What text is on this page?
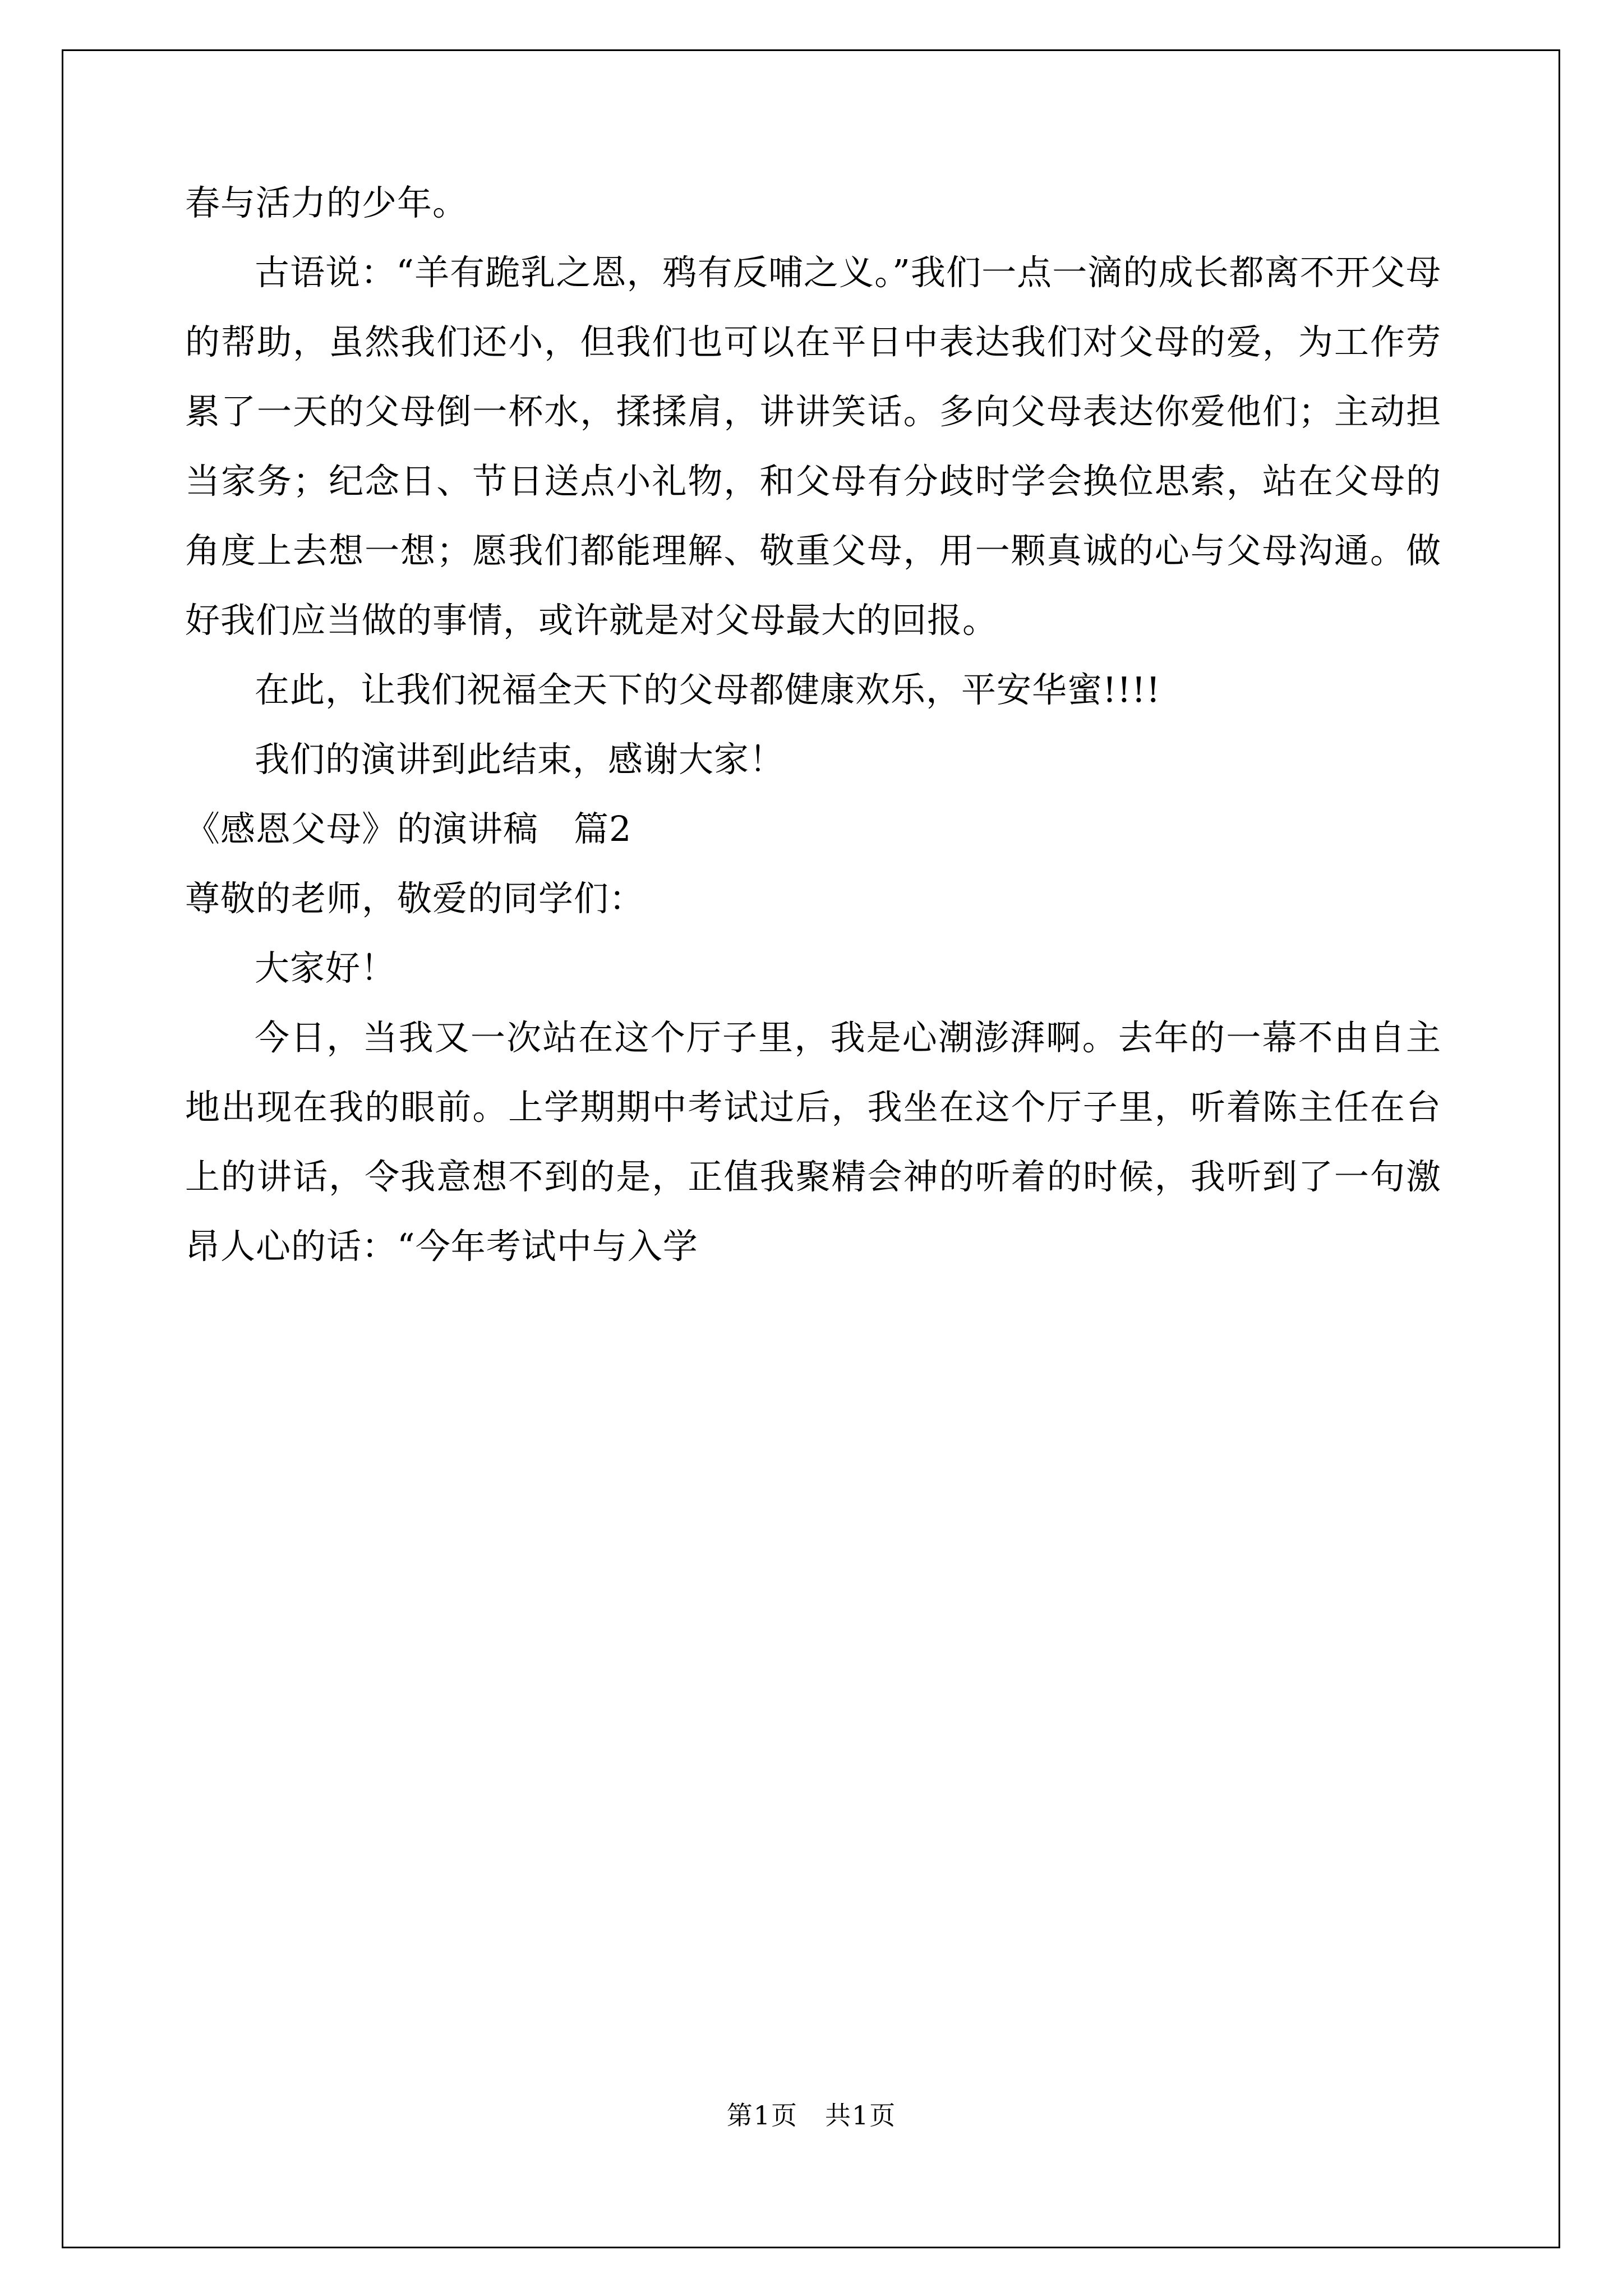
春与活力的少年。

古语说：“羊有跪乳之恩，鸦有反哺之义。”我们一点一滴的成长都离不开父母的帮助，虽然我们还小，但我们也可以在平日中表达我们对父母的爱，为工作劳累了一天的父母倒一杯水，揉揉肩，讲讲笑话。多向父母表达你爱他们；主动担当家务；纪念日、节日送点小礼物，和父母有分歧时学会换位思索，站在父母的角度上去想一想；愿我们都能理解、敬重父母，用一颗真诚的心与父母沟通。做好我们应当做的事情，或许就是对父母最大的回报。

在此，让我们祝福全天下的父母都健康欢乐，平安华蜜!!!!

我们的演讲到此结束，感谢大家！

《感恩父母》的演讲稿　篇2

尊敬的老师，敬爱的同学们：

大家好！

今日，当我又一次站在这个厅子里，我是心潮澎湃啊。去年的一幕不由自主地出现在我的眼前。上学期期中考试过后，我坐在这个厅子里，听着陈主任在台上的讲话，令我意想不到的是，正值我聚精会神的听着的时候，我听到了一句激昂人心的话：“今年考试中与入学

第1页　共1页
